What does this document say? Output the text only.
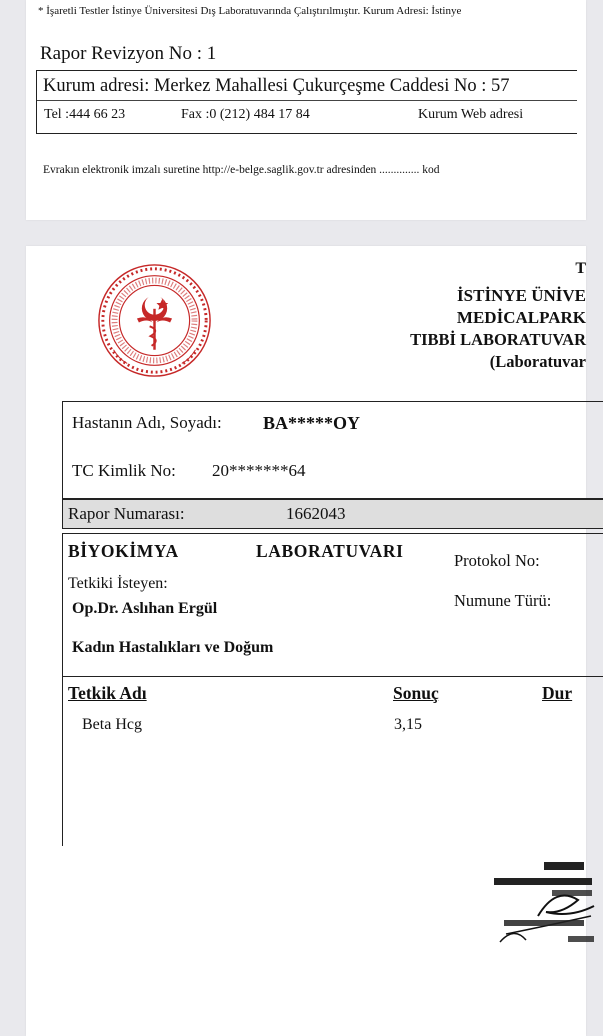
* İşaretli Testler İstinye Üniversitesi Dış Laboratuvarında Çalıştırılmıştır. Kurum Adresi: İstinye
Rapor Revizyon No : 1
Kurum adresi: Merkez Mahallesi Çukurçeşme Caddesi No : 57
Tel :444 66 23	Fax :0 (212) 484 17 84	Kurum Web adresi
Evrakın elektronik imzalı suretine http://e-belge.saglik.gov.tr adresinden .............. kod
T
İSTİNYE ÜNİVE
MEDİCALPARK
TIBBİ LABORATUVAR
(Laboratuvar
Hastanın Adı, Soyadı: BA*****OY
TC Kimlik No: 20*******64
Rapor Numarası:	1662043
BİYOKİMYA	LABORATUVARI	Protokol No:
Numune Türü:
Tetkiki İsteyen:
Op.Dr. Aslıhan Ergül
Kadın Hastalıkları ve Doğum
Tetkik Adı	Sonuç	Dur
Beta Hcg	3,15
